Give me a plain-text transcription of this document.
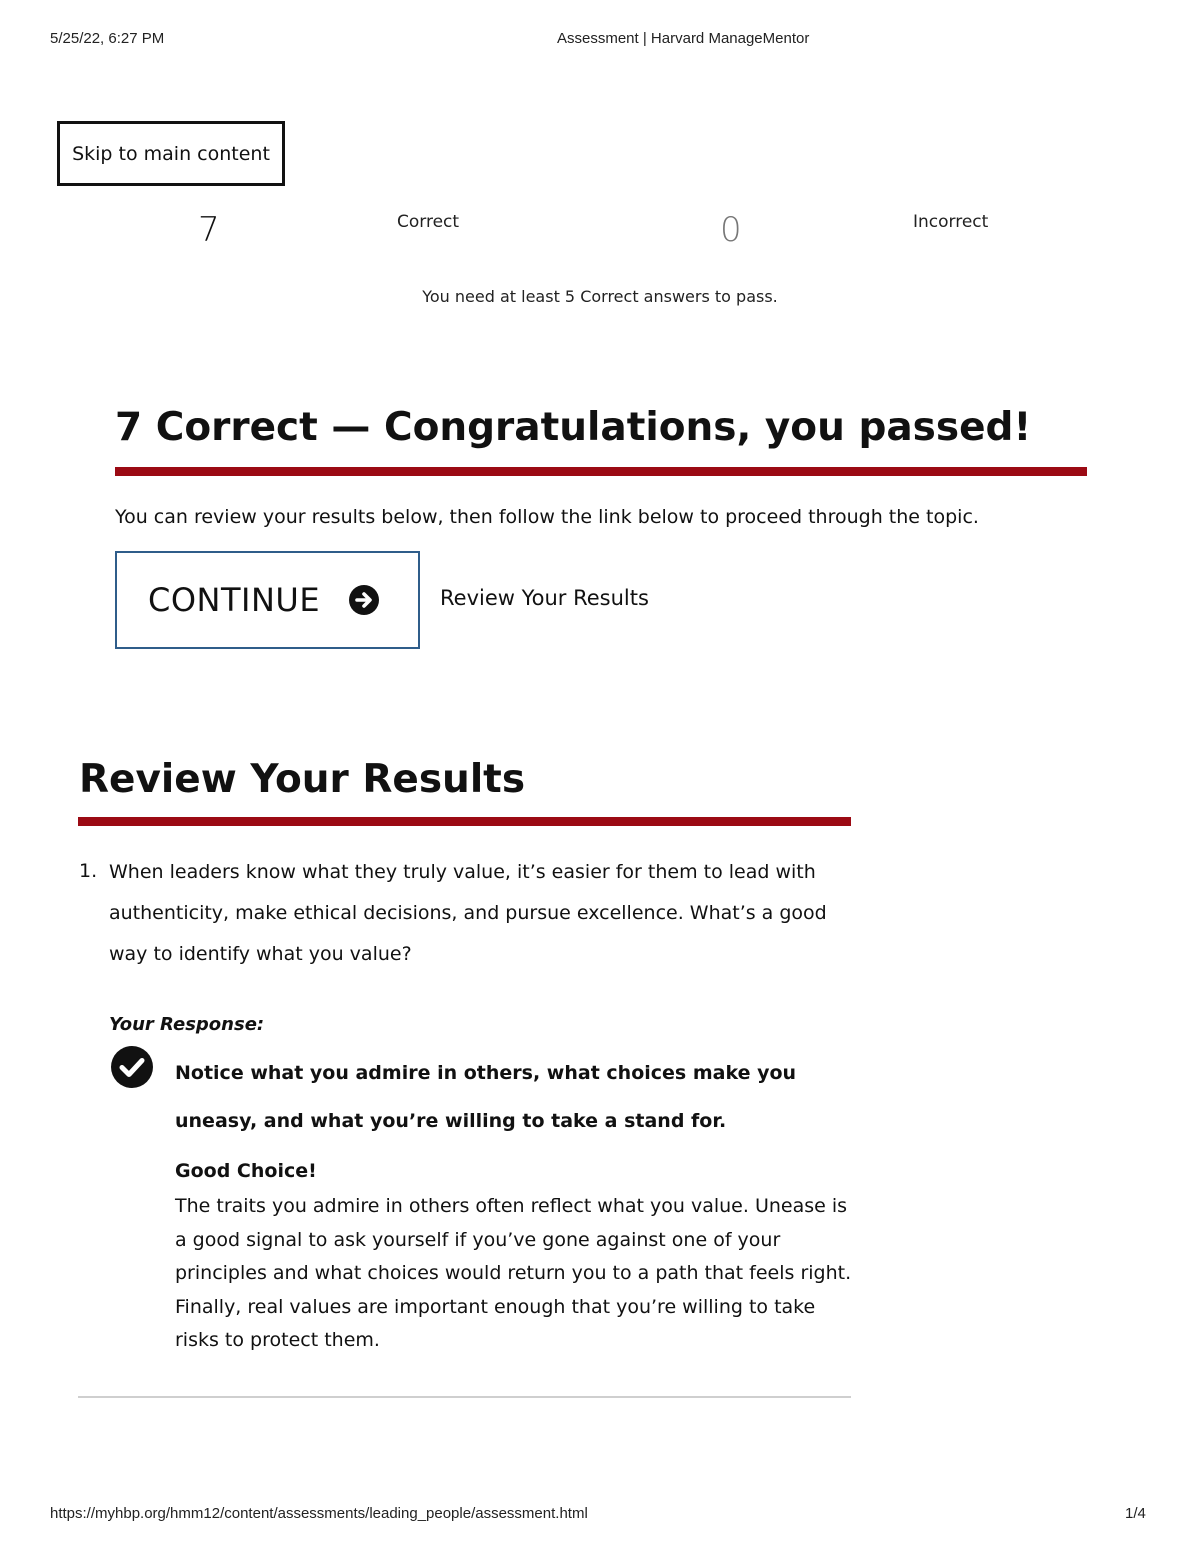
5/25/22, 6:27 PM	Assessment | Harvard ManageMentor
Skip to main content
7	Correct	0	Incorrect
You need at least 5 Correct answers to pass.
7 Correct — Congratulations, you passed!
You can review your results below, then follow the link below to proceed through the topic.
CONTINUE	Review Your Results
Review Your Results
1. When leaders know what they truly value, it’s easier for them to lead with authenticity, make ethical decisions, and pursue excellence. What’s a good way to identify what you value?
Your Response:
Notice what you admire in others, what choices make you uneasy, and what you’re willing to take a stand for.
Good Choice!
The traits you admire in others often reflect what you value. Unease is a good signal to ask yourself if you’ve gone against one of your principles and what choices would return you to a path that feels right. Finally, real values are important enough that you’re willing to take risks to protect them.
https://myhbp.org/hmm12/content/assessments/leading_people/assessment.html	1/4
